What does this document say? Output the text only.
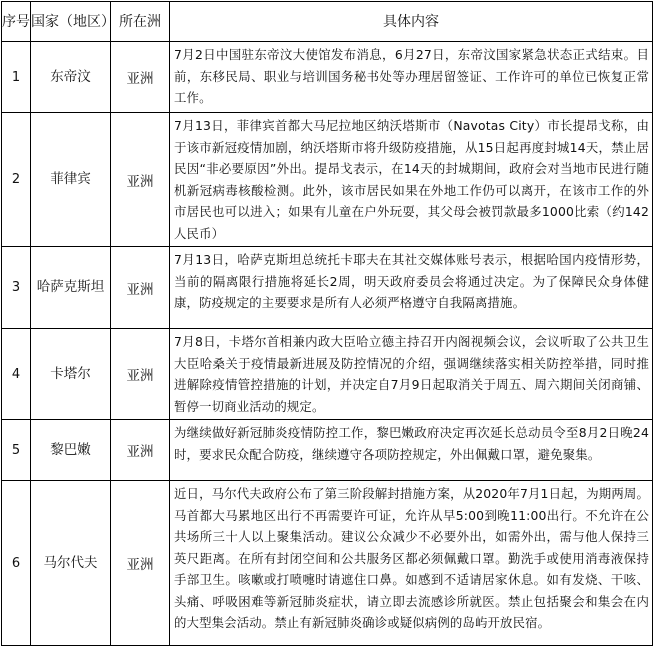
序号	国家（地区）	所在洲	具体内容
1	东帝汶	亚洲	7月2日中国驻东帝汶大使馆发布消息，6月27日，东帝汶国家紧急状态正式结束。目前，东移民局、职业与培训国务秘书处等办理居留签证、工作许可的单位已恢复正常工作。
2	菲律宾	亚洲	7月13日，菲律宾首都大马尼拉地区纳沃塔斯市（Navotas City）市长提昂戈称，由于该市新冠疫情加剧，纳沃塔斯市将升级防疫措施，从15日起再度封城14天，禁止居民因“非必要原因”外出。提昂戈表示，在14天的封城期间，政府会对当地市民进行随机新冠病毒核酸检测。此外，该市居民如果在外地工作仍可以离开，在该市工作的外市居民也可以进入；如果有儿童在户外玩耍，其父母会被罚款最多1000比索（约142人民币）
3	哈萨克斯坦	亚洲	7月13日，哈萨克斯坦总统托卡耶夫在其社交媒体账号表示，根据哈国内疫情形势，当前的隔离限行措施将延长2周，明天政府委员会将通过决定。为了保障民众身体健康，防疫规定的主要要求是所有人必须严格遵守自我隔离措施。
4	卡塔尔	亚洲	7月8日，卡塔尔首相兼内政大臣哈立德主持召开内阁视频会议，会议听取了公共卫生大臣哈桑关于疫情最新进展及防控情况的介绍，强调继续落实相关防控举措，同时推进解除疫情管控措施的计划，并决定自7月9日起取消关于周五、周六期间关闭商铺、暂停一切商业活动的规定。
5	黎巴嫩	亚洲	为继续做好新冠肺炎疫情防控工作，黎巴嫩政府决定再次延长总动员令至8月2日晚24时，要求民众配合防疫，继续遵守各项防控规定，外出佩戴口罩，避免聚集。
6	马尔代夫	亚洲	近日，马尔代夫政府公布了第三阶段解封措施方案，从2020年7月1日起，为期两周。马首都大马累地区出行不再需要许可证，允许从早5:00到晚11:00出行。不允许在公共场所三十人以上聚集活动。建议公众减少不必要外出，如需外出，需与他人保持三英尺距离。在所有封闭空间和公共服务区都必须佩戴口罩。勤洗手或使用消毒液保持手部卫生。咳嗽或打喷嚏时请遮住口鼻。如感到不适请居家休息。如有发烧、干咳、头痛、呼吸困难等新冠肺炎症状，请立即去流感诊所就医。禁止包括聚会和集会在内的大型集会活动。禁止有新冠肺炎确诊或疑似病例的岛屿开放民宿。
